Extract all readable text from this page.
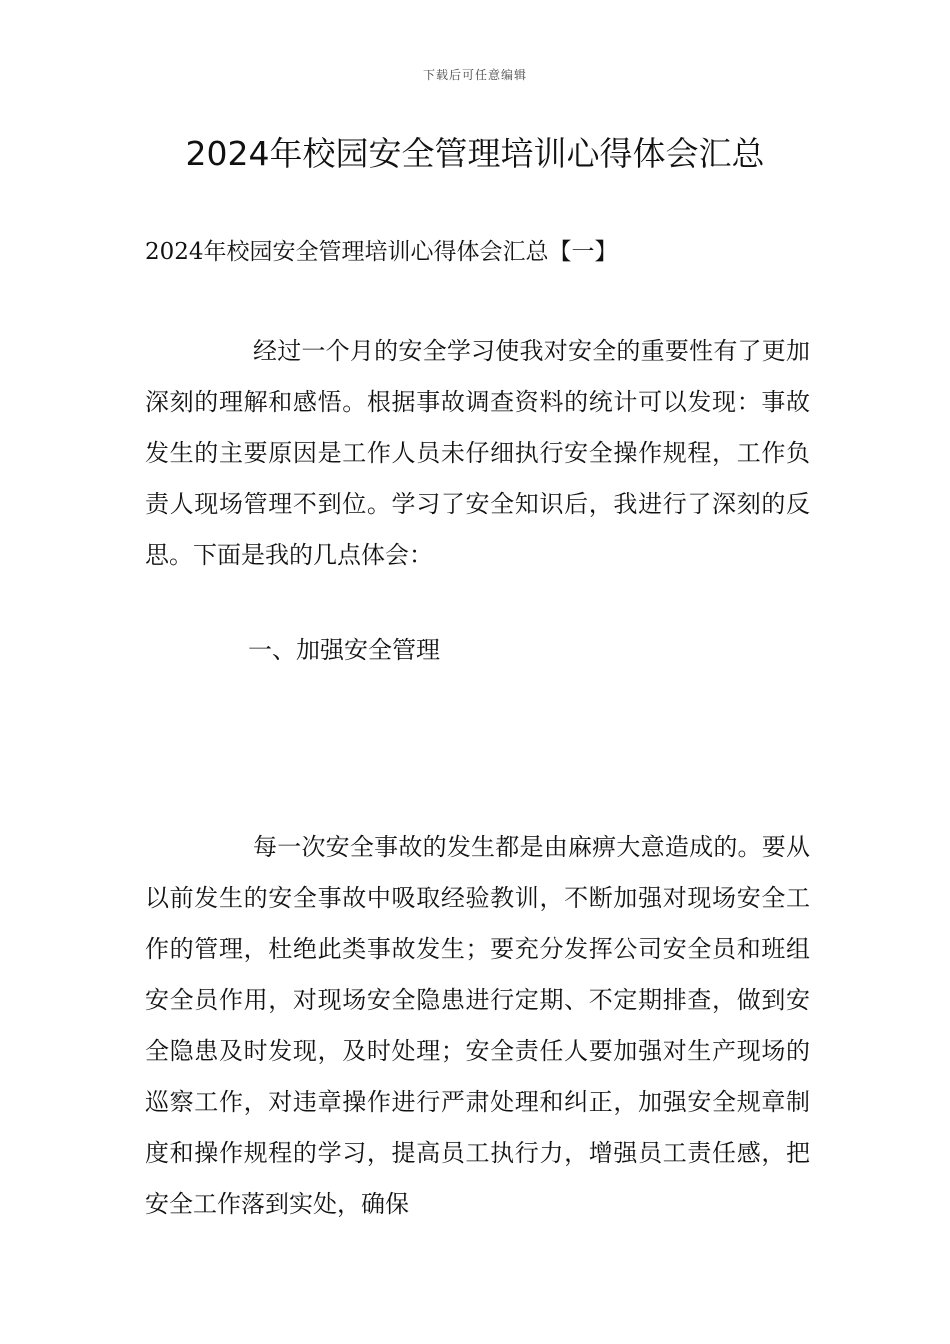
下载后可任意编辑
2024年校园安全管理培训心得体会汇总
2024年校园安全管理培训心得体会汇总【一】

经过一个月的安全学习使我对安全的重要性有了更加深刻的理解和感悟。根据事故调查资料的统计可以发现：事故发生的主要原因是工作人员未仔细执行安全操作规程，工作负责人现场管理不到位。学习了安全知识后，我进行了深刻的反思。下面是我的几点体会：

一、加强安全管理

每一次安全事故的发生都是由麻痹大意造成的。要从以前发生的安全事故中吸取经验教训，不断加强对现场安全工作的管理，杜绝此类事故发生；要充分发挥公司安全员和班组安全员作用，对现场安全隐患进行定期、不定期排查，做到安全隐患及时发现，及时处理；安全责任人要加强对生产现场的巡察工作，对违章操作进行严肃处理和纠正，加强安全规章制度和操作规程的学习，提高员工执行力，增强员工责任感，把安全工作落到实处，确保
